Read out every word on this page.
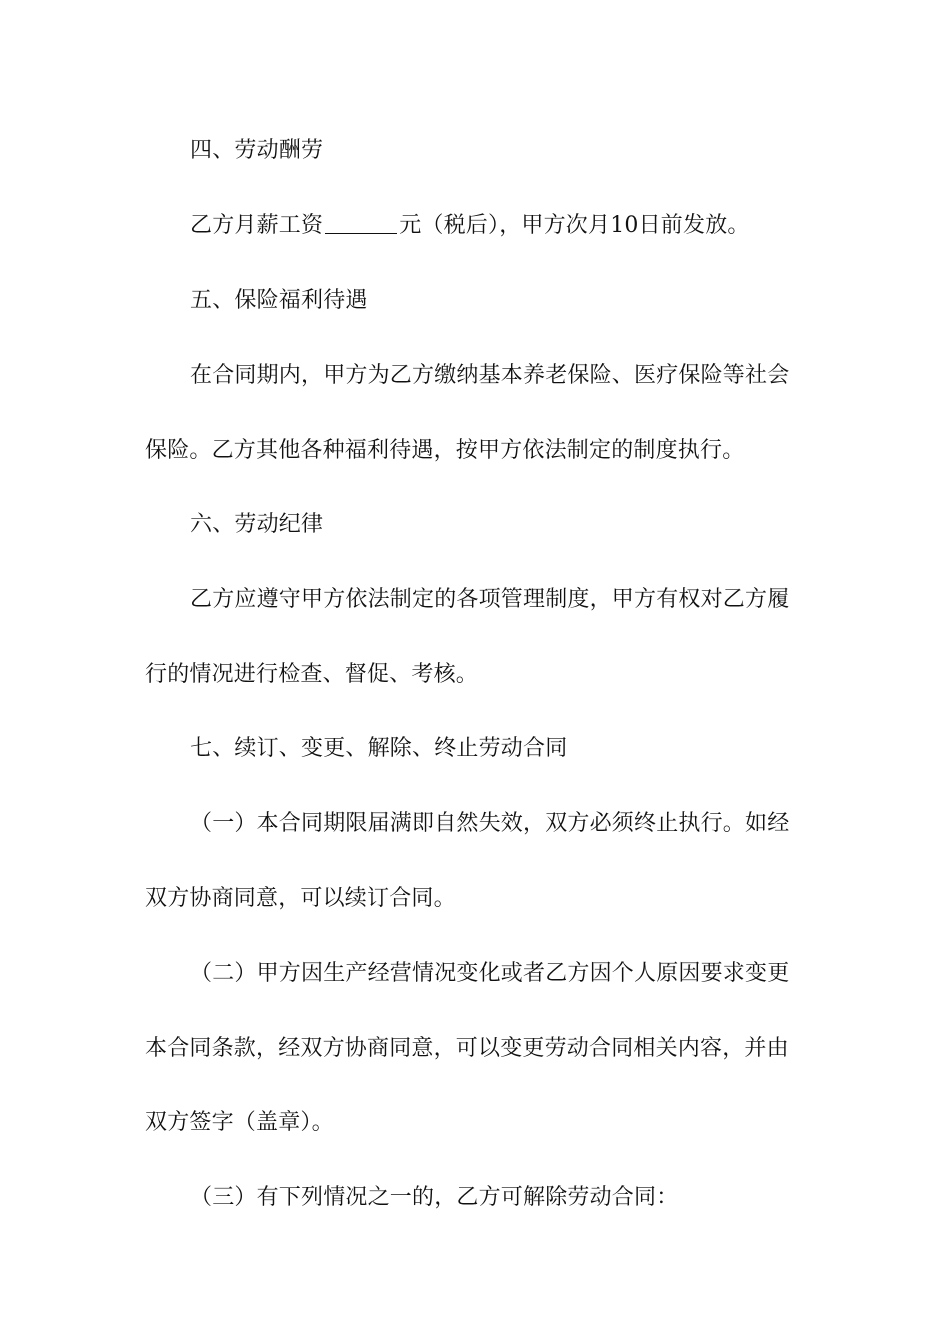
四、劳动酬劳
乙方月薪工资	元（税后），甲方次月10日前发放。
五、保险福利待遇
在合同期内，甲方为乙方缴纳基本养老保险、医疗保险等社会
保险。乙方其他各种福利待遇，按甲方依法制定的制度执行。
六、劳动纪律
乙方应遵守甲方依法制定的各项管理制度，甲方有权对乙方履
行的情况进行检查、督促、考核。
七、续订、变更、解除、终止劳动合同
（一）本合同期限届满即自然失效，双方必须终止执行。如经
双方协商同意，可以续订合同。
（二）甲方因生产经营情况变化或者乙方因个人原因要求变更
本合同条款，经双方协商同意，可以变更劳动合同相关内容，并由
双方签字（盖章）。
（三）有下列情况之一的，乙方可解除劳动合同：
